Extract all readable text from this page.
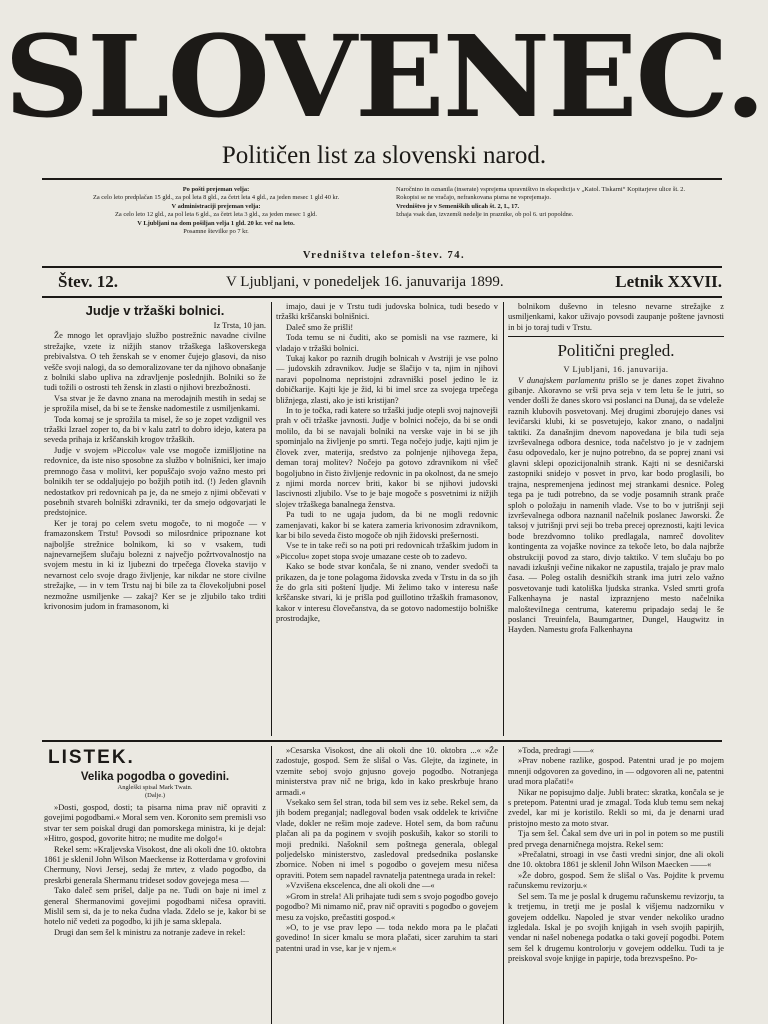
SLOVENEC.
Političen list za slovenski narod.
Po pošti prejeman velja:
Za celo leto predplačan 15 gld., za pol leta 8 gld., za četrt leta 4 gld., za jeden mesec 1 gld 40 kr.
V administraciji prejeman velja:
Za celo leto 12 gld., za pol leta 6 gld., za četrt leta 3 gld., za jeden mesec 1 gld.
V Ljubljani na dom pošiljan velja 1 gld. 20 kr. več na leto.
Posamne številke po 7 kr.
Naročnino in oznanila (inserate) vsprejema upravništvo in ekspedicija v „Katol. Tiskarni“ Kopitarjeve ulice št. 2.
Rokopisi se ne vračajo, nefrankovana pisma ne vsprejemajo.
Vredništvo je v Semeniških ulicah št. 2, I., 17.
Izhaja vsak dan, izvzemši nedelje in praznike, ob pol 6. uri popoldne.
Vredništva telefon-štev. 74.
Štev. 12.	V Ljubljani, v ponedeljek 16. januvarija 1899.	Letnik XXVII.
Judje v tržaški bolnici.
Iz Trsta, 10 jan.

Že mnogo let opravljajo službo postrežnic navadne civilne strežajke, vzete iz nižjih stanov tržaškega laškoverskega prebivalstva. O teh ženskah se v enomer čujejo glasovi, da niso vešče svoji nalogi, da so demoralizovane ter da njihovo obnašanje z bolniki slabo upliva na zdravljenje poslednjih. Bolniki so že tudi tožili o ostrosti teh žensk in zlasti o njihovi brezbožnosti.

Vsa stvar je že davno znana na merodajnih mestih in sedaj se je sprožila misel, da bi se te ženske nadomestile z usmiljenkami.

Toda komaj se je sprožila ta misel, že so je zopet vzdignil ves tržaški Izrael zoper to, da bi v kalu zatrl to dobro idejo, katera pa seveda prihaja iz krščanskih krogov tržaških.

Judje v svojem »Piccolu« vale vse mogoče izmišljotine na redovnice, da iste niso sposobne za službo v bolnišnici, ker imajo premnogo časa v molitvi, ker popuščajo svojo važno mesto pri bolnikih ter se oddaljujejo po božjih potih itd. (!) Jeden glavnih nedostatkov pri redovnicah pa je, da ne smejo z njimi občevati v posebnih stvareh bolniški zdravniki, ter da smejo odgovarjati le predstojnice.

Ker je toraj po celem svetu mogoče, to ni mogoče — v framazonskem Trstu! Povsodi so milosrdnice pripoznane kot najboljše strežnice bolnikom, ki so v vsakem, tudi najnevarnejšem slučaju bolezni z največjo požrtvovalnostjo na svojem mestu in ki iz ljubezni do trpečega človeka stavijo v nevarnost celo svoje drago življenje, kar nikdar ne store civilne strežajke, — in v tem Trstu naj bi bile za ta človekoljubni posel nezmožne usmiljenke — zakaj? Ker se je zljubilo tako trditi krivonosim judom in framasonom, ki

imajo, daui je v Trstu tudi judovska bolnica, tudi besedo v tržaški krščanski bolnišnici.

Daleč smo že prišli!

Toda temu se ni čuditi, ako se pomisli na vse razmere, ki vladajo v tržaški bolnici.

Tukaj kakor po raznih drugih bolnicah v Avstriji je vse polno — judovskih zdravnikov. Judje se šlačijo v ta, njim in njihovi naravi popolnoma nepristojni zdravniški posel jedino le iz dobičkarije. Kajti kje je žid, ki bi imel srce za svojega trpečega bližnjega, zlasti, ako je isti kristijan?

In to je točka, radi katere so tržaški judje otepli svoj najnovejši prah v oči tržaške javnosti. Judje v bolnici nočejo, da bi se ondi molilo, da bi se navajali bolniki na verske vaje in bi se jih spominjalo na življenje po smrti. Tega nočejo judje, kajti njim je človek zver, materija, sredstvo za polnjenje njihovega žepa, deman toraj molitev? Nočejo pa gotovo zdravnikom ni všeč bogoljubno in čisto življenje redovnic in pa okolnost, da ne smejo z njimi morda norcev briti, kakor bi se njihovi judovski lascivnosti zljubilo. Vse to je baje mogoče s posvetnimi iz nižjih slojev tržaškega banalnega ženstva.

Pa tudi to ne ugaja judom, da bi ne mogli redovnic zamenjavati, kakor bi se katera zameria krivonosim zdravnikom, kar bi bilo seveda čisto mogoče ob njih židovski prešernosti.

Vse te in take reči so na poti pri redovnicah tržaškim judom in »Piccolu« zopet stopa svoje umazane ceste ob to zadevo.

Kako se bode stvar končala, še ni znano, vender svedoči ta prikazen, da je tone polagoma židovska zveda v Trstu in da so jih že do grla siti poštení ljudje. Mi želimo tako v interesu naše krščanske stvari, ki je prišla pod guillotino tržaških framasonov, kakor v interesu človečanstva, da se gotovo nadomestijo bolniške prostrodajke,

bolnikom duševno in telesno nevarne strežajke z usmiljenkami, kakor uživajo povsodi zaupanje poštene javnosti in bi jo toraj tudi v Trstu.

Politični pregled.
V Ljubljani, 16. januvarija.

V dunajskem parlamentu prišlo se je danes zopet živahno gibanje. Akoravno se vrši prva seja v tem letu še le jutri, so vender došli že danes skoro vsi poslanci na Dunaj, da se vdeleže raznih klubovih posvetovanj. Mej drugimi zborujejo danes vsi levičarski klubi, ki se posvetujejo, kakor znano, o nadaljni taktiki. Za današnjim dnevom napovedana je bila tudi seja izvrševalnega odbora desnice, toda načelstvo jo je v zadnjem času odpovedalo, ker je nujno potrebno, da se poprej znani vsi glavni sklepi opozicijonalnih strank. Kajti ni se desničarski zastopniki snidejo v posvet in prvo, kar bodo proglasili, bo trajna, nespremenjena jedinost mej strankami desnice. Poleg tega pa je tudi potrebno, da se vodje posamnih strank prače sploh o položaju in namenih vlade. Vse to bo v jutrišnji seji izvrševalnega odbora naznanil načelnik poslanec Jaworski. Že taksoj v jutrišnji prvi seji bo treba precej opreznosti, kajti levica bode brezdvomno toliko predlagala, namreč dovolitev kontingenta za vojaške novince za tekoče leto, bo dala najbrže obstrukciji povod za staro, divjo taktiko. V tem slučaju bo po navadi izkušnji večine nikakor ne zapustila, trajalo je prav malo časa. — Poleg ostalih desničkih strank ima jutri zelo važno posvetovanje tudi katoliška ljudska stranka. Vsled smrti grofa Falkenhayna je nastal izpraznjeno mesto načelnika malošteviInega centruma, kateremu pripadajo sedaj le še poslanci Treuinfela, Baumgartner, Dungel, Haugwitz in Hayden. Namestu grofa Falkenhayna

LISTEK.
Velika pogodba o govedini.
Angleški spisal Mark Twain.
(Dalje.)

»Dosti, gospod, dosti; ta pisarna nima prav nič opraviti z govejimi pogodbami.« Moral sem ven. Koronito sem premisli vso stvar ter sem poiskal drugi dan pomorskega ministra, ki je dejal: »Hitro, gospod, govorite hitro; ne mudite me dolgo!«

Rekel sem: »Kraljevska Visokost, dne ali okoli dne 10. oktobra 1861 je sklenil John Wilson Maeckense iz Rotterdama v grofovini Chermuny, Novi Jersej, sedaj že mrtev, z vlado pogodbo, da preskrbi generala Shermanu trideset sodov govejega mesa —

Tako daleč sem prišel, dalje pa ne. Tudi on baje ni imel z general Shermanovimi govejimi pogodbami ničesa opraviti. Mislil sem si, da je to neka čudna vlada. Zdelo se je, kakor bi se hotelo nič vedeti za pogodbo, ki jih je sama sklepala.

Drugi dan sem šel k ministru za notranje zadeve in rekel:

»Cesarska Visokost, dne ali okoli dne 10. oktobra ...« »Že zadostuje, gospod. Sem že slišal o Vas. Glejte, da izginete, in vzemite seboj svojo gnjusno govejo pogodbo. Notranjega ministerstva prav nič ne briga, kdo in kako preskrbuje hrano armadi.«

Vsekako sem šel stran, toda bil sem ves iz sebe. Rekel sem, da jih bodem preganjal; nadlegoval boden vsak oddelek te krivične vlade, dokler ne rešim moje zadeve. Hotel sem, da bom računu plačan ali pa da poginem v svojih poskuših, kakor so storili to moji predniki. Našoknil sem poštnega generala, oblegal poljedelsko ministerstvo, zasledoval predsednika poslanske zbornice. Noben ni imel s pogodbo o govejem mesu ničesa opraviti. Potem sem napadel ravnatelja patentnega urada in rekel:

»Vzvišena ekscelenca, dne ali okoli dne —«

»Grom in strela! Ali prihajate tudi sem s svojo pogodbo govejo pogodbo? Mi nimamo nič, prav nič opraviti s pogodbo o govejem mesu za vojsko, prečastiti gospod.«

»O, to je vse prav lepo — toda nekdo mora pa le plačati govedino! In sicer kmalu se mora plačati, sicer zaruhim ta stari patentni urad in vse, kar je v njem.«

»Toda, predragi ——«

»Prav nobene razlike, gospod. Patentni urad je po mojem mnenji odgovoren za govedino, in — odgovoren ali ne, patentni urad mora plačati!«

Nikar ne popisujmo dalje. Jubli bratec: skratka, končala se je s pretepom. Patentni urad je zmagal. Toda klub temu sem nekaj zvedel, kar mi je koristilo. Rekli so mi, da je denarni urad pristojno mesto za moto stvar.

Tja sem šel. Čakal sem dve uri in pol in potem so me pustili pred prvega denarničnega mojstra. Rekel sem:

»Prečalatni, stroagi in vse časti vredni sinjor, dne ali okoli dne 10. oktobra 1861 je sklenil John Wilson Maecken ——«

»Že dobro, gospod. Sem že slišal o Vas. Pojdite k prvemu računskemu revizorju.«

Sel sem. Ta me je poslal k drugemu računskemu revizorju, ta k tretjemu, in tretji me je poslal k višjemu nadzorniku v govejem oddelku. Napoled je stvar vender nekoliko uradno izgledala. Iskal je po svojih knjigah in vseh svojih papirjih, vendar ni našel nobenega podatka o taki govejí pogodbi. Potem sem šel k drugemu kontrolorju v govejem oddelku. Tudi ta je preiskoval svoje knjige in papirje, toda brezvspešno. Po-
